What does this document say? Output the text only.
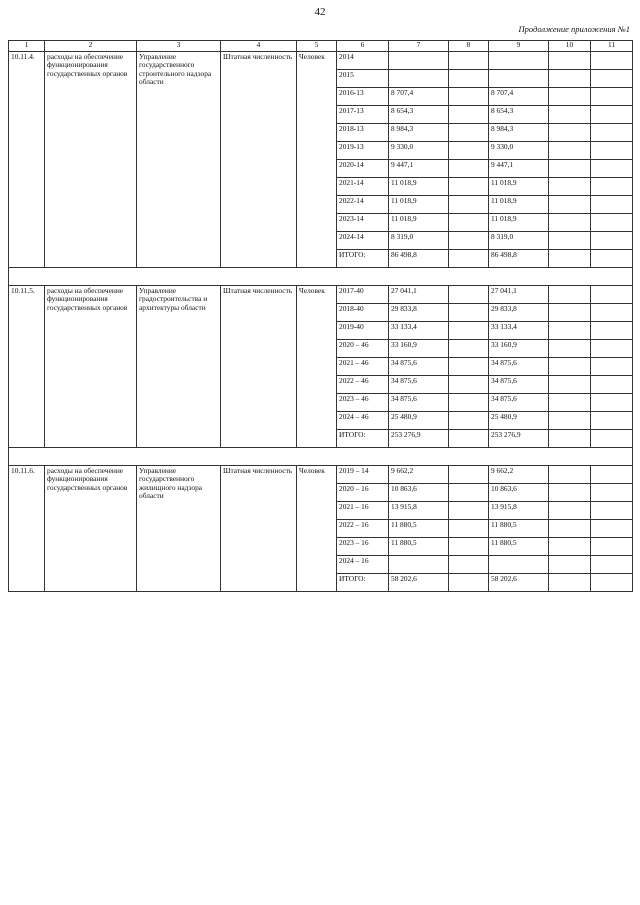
42
Продолжение приложения №1
1	2	3	4	5	6	7	8	9	10	11
10.11.4.	расходы на обеспечение функционирования государственных органов	Управление государственного строительного надзора области	Штатная численность	Человек	2014					
					2015					
					2016-13	8 707,4		8 707,4		
					2017-13	8 654,3		8 654,3		
					2018-13	8 984,3		8 984,3		
					2019-13	9 330,0		9 330,0		
					2020-14	9 447,1		9 447,1		
					2021-14	11 018,9		11 018,9		
					2022-14	11 018,9		11 018,9		
					2023-14	11 018,9		11 018,9		
					2024-14	8 319,0		8 319,0		
					ИТОГО:	86 498,8		86 498,8		

10.11.5.	расходы на обеспечение функционирования государственных органов	Управление градостроительства и архитектуры области	Штатная численность	Человек	2017-40	27 041,1		27 041,1		
					2018-40	29 833,8		29 833,8		
					2019-40	33 133,4		33 133,4		
					2020 – 46	33 160,9		33 160,9		
					2021 – 46	34 875,6		34 875,6		
					2022 – 46	34 875,6		34 875,6		
					2023 – 46	34 875,6		34 875,6		
					2024 – 46	25 480,9		25 480,9		
					ИТОГО:	253 276,9		253 276,9		

10.11.6.	расходы на обеспечение функционирования государственных органов	Управление государственного жилищного надзора области	Штатная численность	Человек	2019 – 14	9 662,2		9 662,2		
					2020 – 16	10 863,6		10 863,6		
					2021 – 16	13 915,8		13 915,8		
					2022 – 16	11 880,5		11 880,5		
					2023 – 16	11 880,5		11 880,5		
					2024 – 16					
					ИТОГО:	58 202,6		58 202,6		
